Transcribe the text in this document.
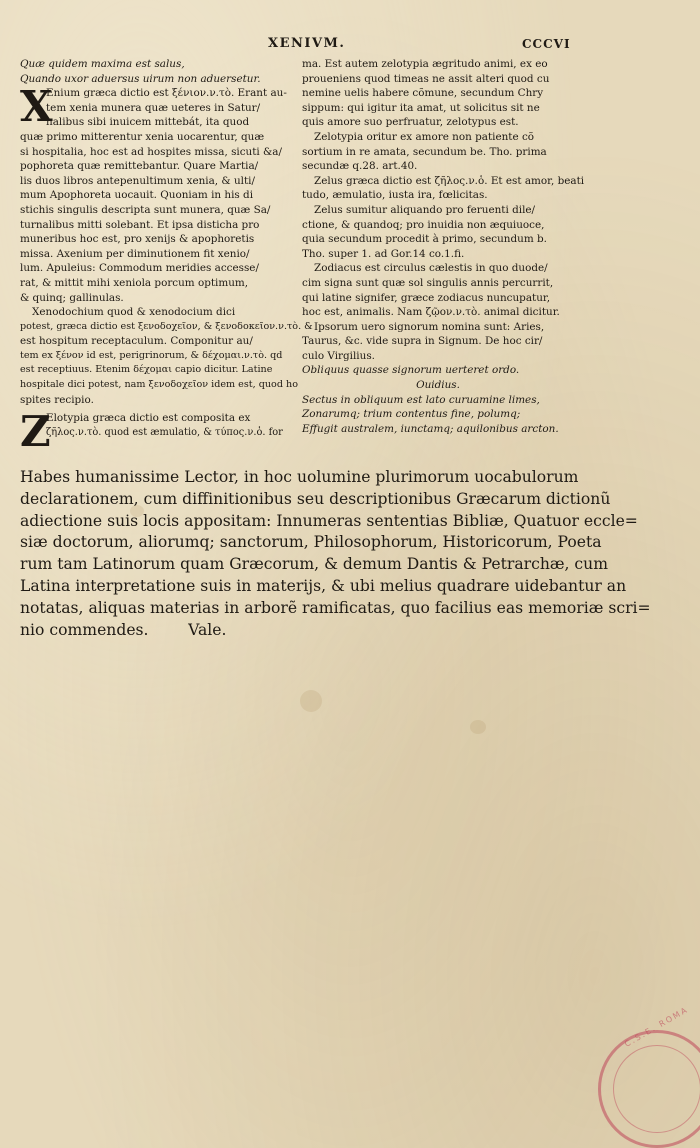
XENIVM.	CCCVI
Quæ quidem maxima est salus,
Quando uxor aduersus uirum non aduersetur.
X
Enium græca dictio est ξένιον.ν.τὸ. Erant au-
tem xenia munera quæ ueteres in Satur/
nalibus sibi inuicem mittebát, ita quod
quæ primo mitterentur xenia uocarentur, quæ
si hospitalia, hoc est ad hospites missa, sicuti &a/
pophoreta quæ remittebantur. Quare Martia/
lis duos libros antepenultimum xenia, & ulti/
mum Apophoreta uocauit. Quoniam in his di
stichis singulis descripta sunt munera, quæ Sa/
turnalibus mitti solebant. Et ipsa disticha pro
muneribus hoc est, pro xenijs & apophoretis
missa. Axenium per diminutionem fit xenio/
lum. Apuleius: Commodum meridies accesse/
rat, & mittit mihi xeniola porcum optimum,
& quinq; gallinulas.
Xenodochium quod & xenodocium dici
potest, græca dictio est ξενοδοχεῖον, & ξενοδοκεῖον.ν.τὸ. &
est hospitum receptaculum. Componitur au/
tem ex ξένον id est, perigrinorum, & δέχομαι.ν.τὸ. qd
est receptiuus. Etenim δέχομαι capio dicitur. Latine
hospitale dici potest, nam ξενοδοχεῖον idem est, quod ho
spites recipio.
Z
Elotypia græca dictio est composita ex
ζῆλος.ν.τὸ. quod est æmulatio, & τύπος.ν.ὁ. for
ma. Est autem zelotypia ægritudo animi, ex eo
proueniens quod timeas ne assit alteri quod cu
nemine uelis habere cõmune, secundum Chry
sippum: qui igitur ita amat, ut solicitus sit ne
quis amore suo perfruatur, zelotypus est.
Zelotypia oritur ex amore non patiente cõ
sortium in re amata, secundum be. Tho. prima
secundæ q.28. art.40.
Zelus græca dictio est ζῆλος.ν.ὁ. Et est amor, beati
tudo, æmulatio, iusta ira, fœlicitas.
Zelus sumitur aliquando pro feruenti dile/
ctione, & quandoq; pro inuidia non æquiuoce,
quia secundum procedit à primo, secundum b.
Tho. super 1. ad Gor.14 co.1.fi.
Zodiacus est circulus cælestis in quo duode/
cim signa sunt quæ sol singulis annis percurrit,
qui latine signifer, græce zodiacus nuncupatur,
hoc est, animalis. Nam ζῷον.ν.τὸ. animal dicitur.
Ipsorum uero signorum nomina sunt: Aries,
Taurus, &c. vide supra in Signum. De hoc cir/
culo Virgilius.
Obliquus quasse signorum uerteret ordo.
Ouidius.
Sectus in obliquum est lato curuamine limes,
Zonarumq; trium contentus fine, polumq;
Effugit australem, iunctamq; aquilonibus arcton.
Habes humanissime Lector, in hoc uolumine plurimorum uocabulorum
declarationem, cum diffinitionibus seu descriptionibus Græcarum dictionũ
adiectione suis locis appositam: Innumeras sententias Bibliæ, Quatuor eccle=
siæ doctorum, aliorumq; sanctorum, Philosophorum, Historicorum, Poeta
rum tam Latinorum quam Græcorum, & demum Dantis & Petrarchæ, cum
Latina interpretatione suis in materijs, & ubi melius quadrare uidebantur an
notatas, aliquas materias in arborẽ ramificatas, quo facilius eas memoriæ scri=
nio commendes.        Vale.
C.S.E. ROMA
